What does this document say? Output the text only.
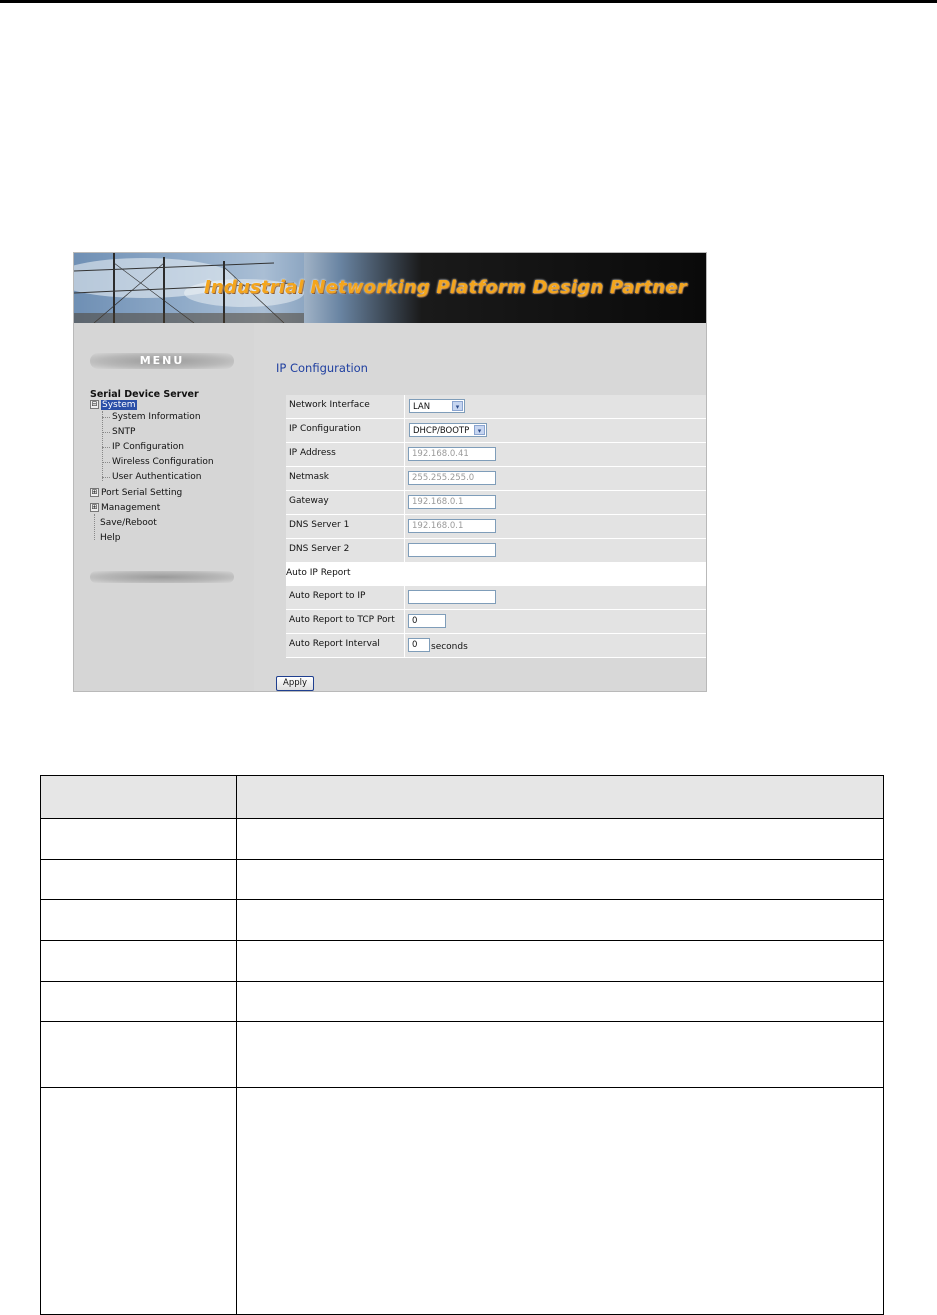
Industrial Networking Platform Design Partner
MENU
Serial Device Server
⊟ System
System Information
SNTP
IP Configuration
Wireless Configuration
User Authentication
⊞ Port Serial Setting
⊞ Management
Save/Reboot
Help
IP Configuration
Network Interface	LAN	▾
IP Configuration	DHCP/BOOTP	▾
IP Address	192.168.0.41
Netmask	255.255.255.0
Gateway	192.168.0.1
DNS Server 1	192.168.0.1
DNS Server 2
Auto IP Report
Auto Report to IP
Auto Report to TCP Port	0
Auto Report Interval	0	seconds
Apply
